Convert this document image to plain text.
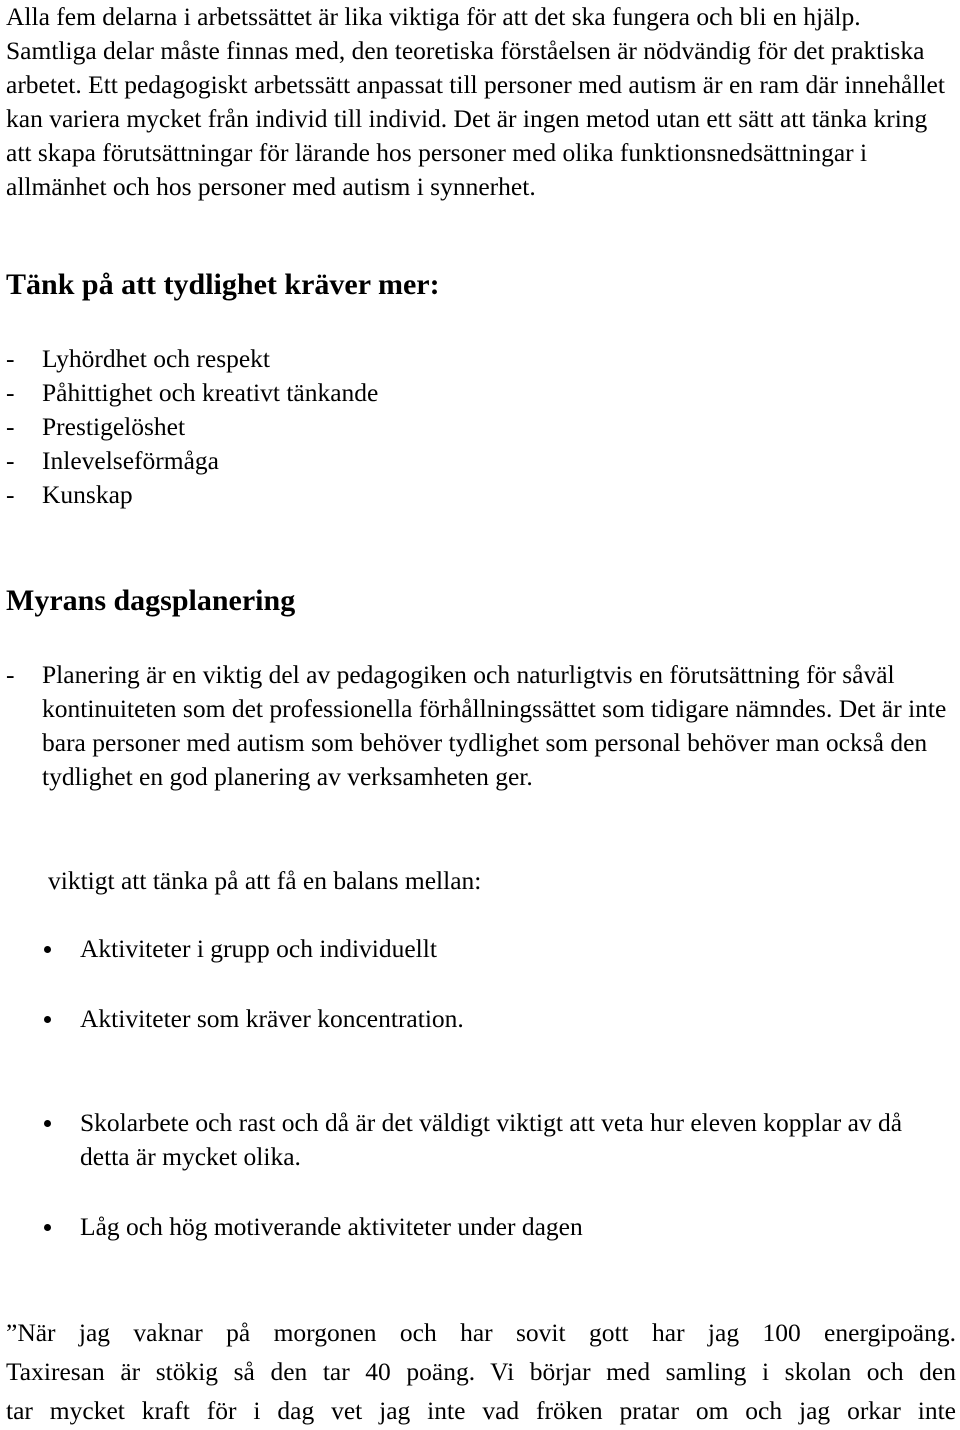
Alla fem delarna i arbetssättet är lika viktiga för att det ska fungera och bli en hjälp. Samtliga delar måste finnas med, den teoretiska förståelsen är nödvändig för det praktiska arbetet. Ett pedagogiskt arbetssätt anpassat till personer med autism är en ram där innehållet kan variera mycket från individ till individ. Det är ingen metod utan ett sätt att tänka kring att skapa förutsättningar för lärande hos personer med olika funktionsnedsättningar i allmänhet och hos personer med autism i synnerhet.

Tänk på att tydlighet kräver mer:
- Lyhördhet och respekt
- Påhittighet och kreativt tänkande
- Prestigelöshet
- Inlevelseförmåga
- Kunskap
Myrans dagsplanering
-	Planering är en viktig del av pedagogiken och naturligtvis en förutsättning för såväl kontinuiteten som det professionella förhållningssättet som tidigare nämndes. Det är inte bara personer med autism som behöver tydlighet som personal behöver man också den tydlighet en god planering av verksamheten ger.

viktigt att tänka på att få en balans mellan:

Aktiviteter i grupp och individuellt
Aktiviteter som kräver koncentration.
Skolarbete och rast och då är det väldigt viktigt att veta hur eleven kopplar av då detta är mycket olika.
Låg och hög motiverande aktiviteter under dagen

”När jag vaknar på morgonen och har sovit gott har jag 100 energipoäng.
Taxiresan är stökig så den tar 40 poäng. Vi börjar med samling i skolan och den
tar mycket kraft för i dag vet jag inte vad fröken pratar om och jag orkar inte
